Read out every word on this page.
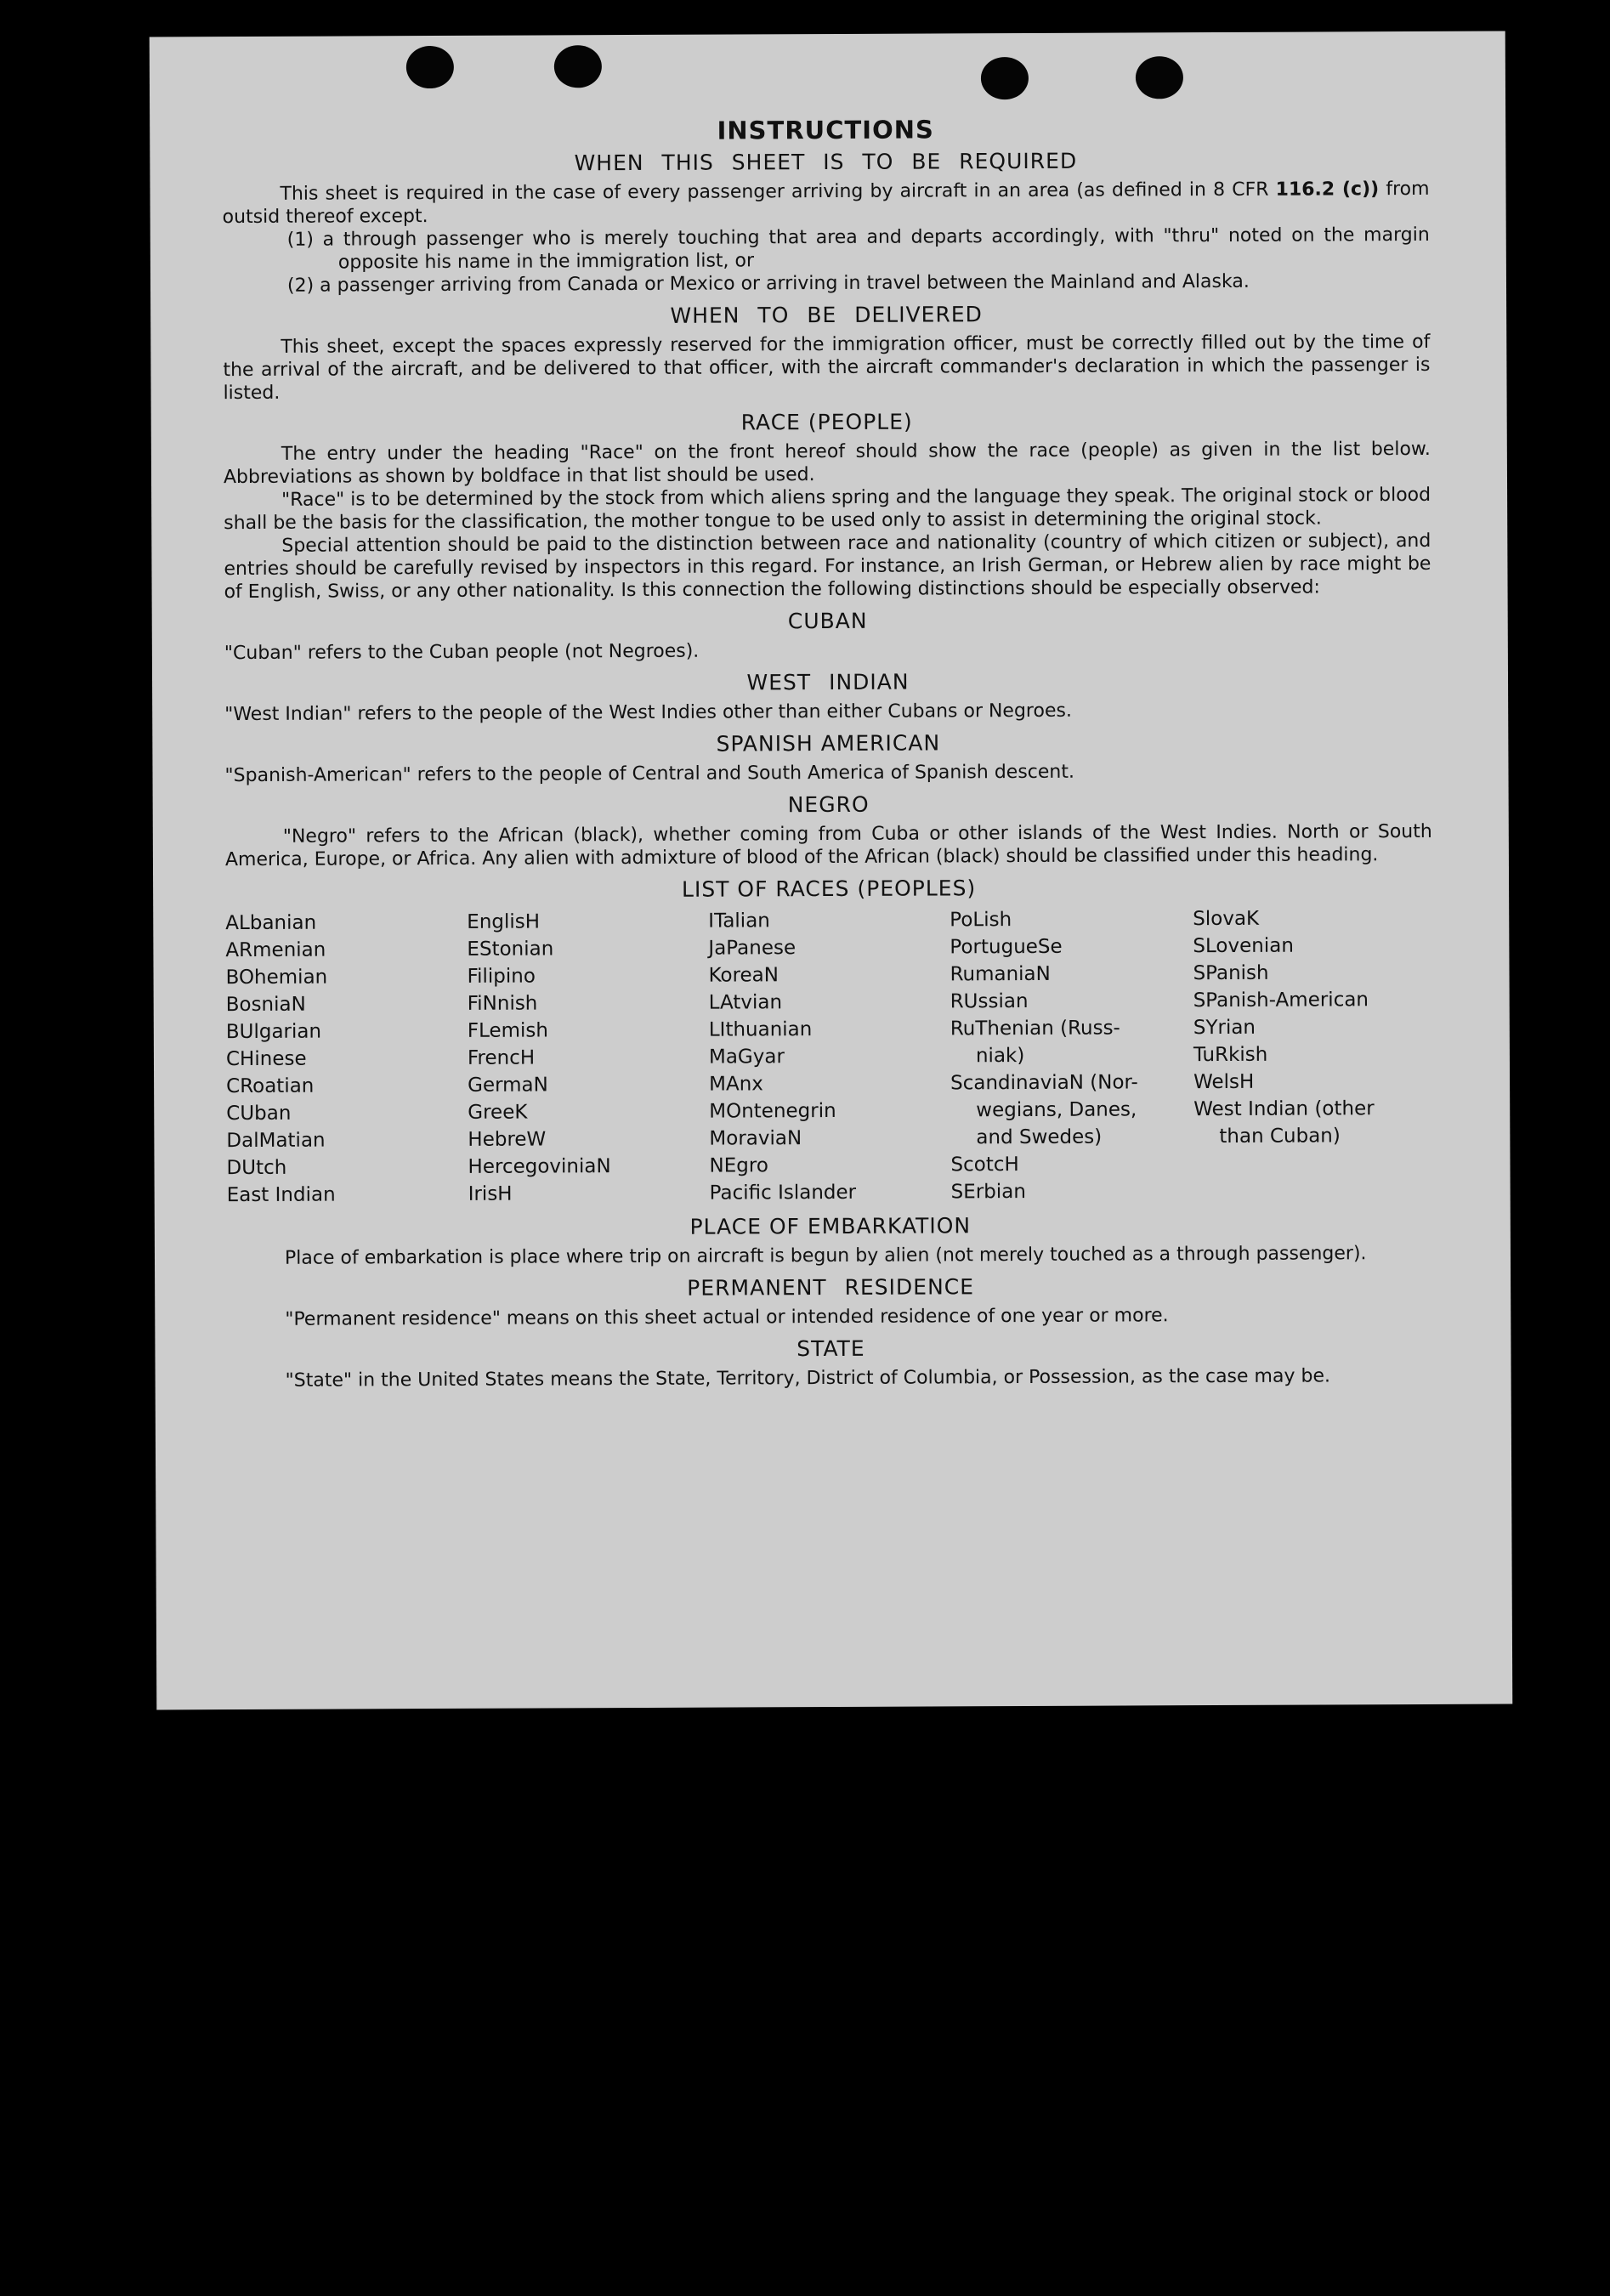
INSTRUCTIONS
WHEN THIS SHEET IS TO BE REQUIRED

This sheet is required in the case of every passenger arriving by aircraft in an area (as defined in 8 CFR 116.2 (c)) from outsid thereof except.

(1) a through passenger who is merely touching that area and departs accordingly, with "thru" noted on the margin opposite his name in the immigration list, or

(2) a passenger arriving from Canada or Mexico or arriving in travel between the Mainland and Alaska.

WHEN TO BE DELIVERED

This sheet, except the spaces expressly reserved for the immigration officer, must be correctly filled out by the time of the arrival of the aircraft, and be delivered to that officer, with the aircraft commander's declaration in which the passenger is listed.

RACE (PEOPLE)

The entry under the heading "Race" on the front hereof should show the race (people) as given in the list below. Abbreviations as shown by boldface in that list should be used.

"Race" is to be determined by the stock from which aliens spring and the language they speak. The original stock or blood shall be the basis for the classification, the mother tongue to be used only to assist in determining the original stock.

Special attention should be paid to the distinction between race and nationality (country of which citizen or subject), and entries should be carefully revised by inspectors in this regard. For instance, an Irish German, or Hebrew alien by race might be of English, Swiss, or any other nationality. Is this connection the following distinctions should be especially observed:

CUBAN

"Cuban" refers to the Cuban people (not Negroes).

WEST INDIAN

"West Indian" refers to the people of the West Indies other than either Cubans or Negroes.

SPANISH AMERICAN

"Spanish-American" refers to the people of Central and South America of Spanish descent.

NEGRO

"Negro" refers to the African (black), whether coming from Cuba or other islands of the West Indies. North or South America, Europe, or Africa. Any alien with admixture of blood of the African (black) should be classified under this heading.

LIST OF RACES (PEOPLES)
ALbanian
ARmenian
BOhemian
BosniaN
BUlgarian
CHinese
CRoatian
CUban
DalMatian
DUtch
East Indian
EnglisH
EStonian
Filipino
FiNnish
FLemish
FrencH
GermaN
GreeK
HebreW
HercegoviniaN
IrisH
ITalian
JaPanese
KoreaN
LAtvian
LIthuanian
MaGyar
MAnx
MOntenegrin
MoraviaN
NEgro
Pacific Islander
PoLish
PortugueSe
RumaniaN
RUssian
RuThenian (Russ-
niak)
ScandinaviaN (Nor-
wegians, Danes,
and Swedes)
ScotcH
SErbian
SlovaK
SLovenian
SPanish
SPanish-American
SYrian
TuRkish
WelsH
West Indian (other
than Cuban)
PLACE OF EMBARKATION

Place of embarkation is place where trip on aircraft is begun by alien (not merely touched as a through passenger).

PERMANENT RESIDENCE

"Permanent residence" means on this sheet actual or intended residence of one year or more.

STATE

"State" in the United States means the State, Territory, District of Columbia, or Possession, as the case may be.
